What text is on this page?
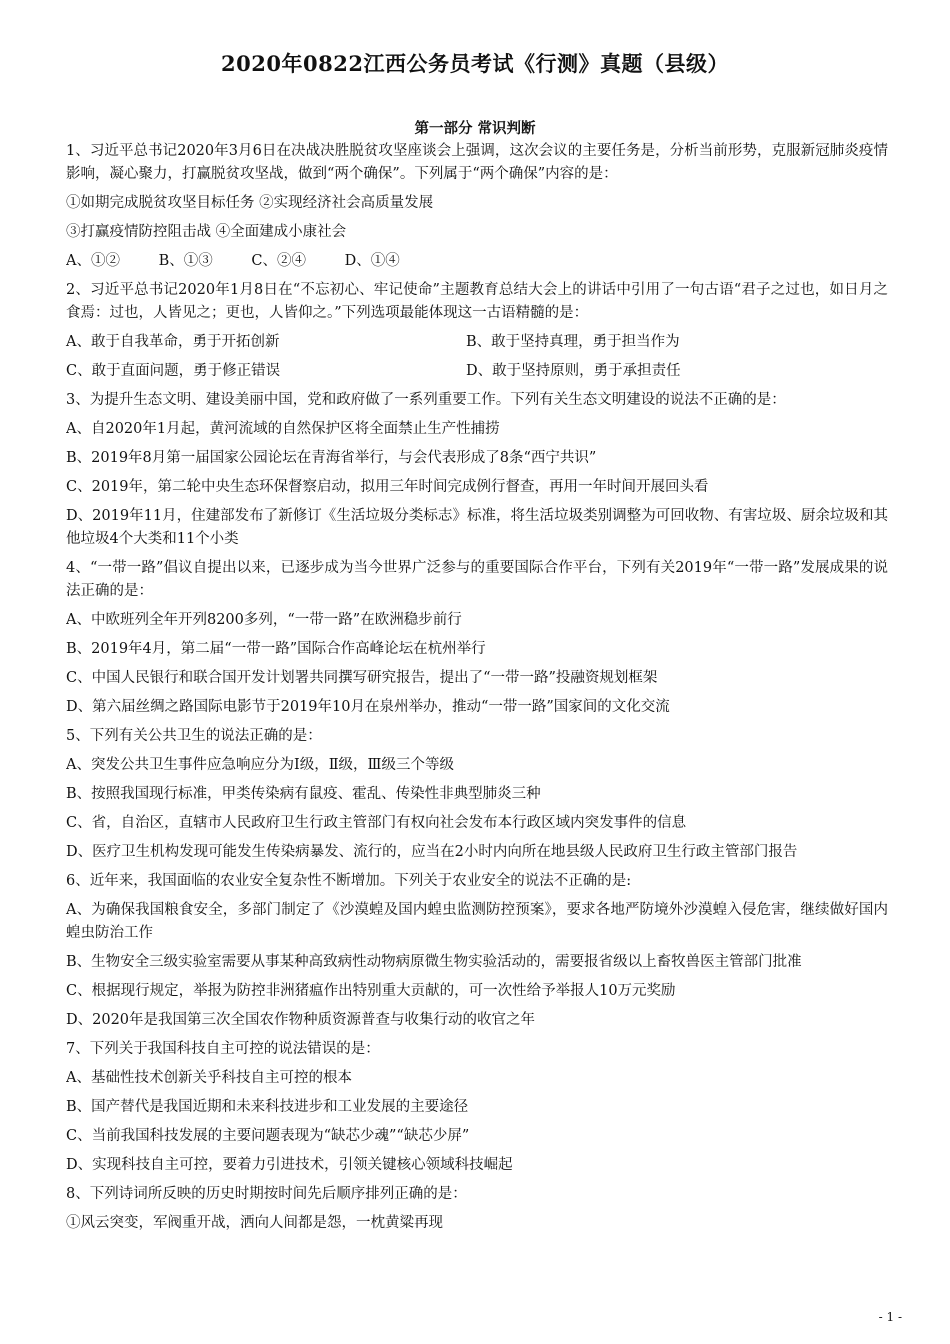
2020年0822江西公务员考试《行测》真题（县级）
第一部分 常识判断
1、习近平总书记2020年3月6日在决战决胜脱贫攻坚座谈会上强调，这次会议的主要任务是，分析当前形势，克服新冠肺炎疫情影响，凝心聚力，打赢脱贫攻坚战，做到“两个确保”。下列属于“两个确保”内容的是：
①如期完成脱贫攻坚目标任务 ②实现经济社会高质量发展
③打赢疫情防控阻击战 ④全面建成小康社会
A、①②	B、①③	C、②④	D、①④
2、习近平总书记2020年1月8日在“不忘初心、牢记使命”主题教育总结大会上的讲话中引用了一句古语“君子之过也，如日月之食焉：过也，人皆见之；更也，人皆仰之。”下列选项最能体现这一古语精髓的是：
A、敢于自我革命，勇于开拓创新	B、敢于坚持真理，勇于担当作为
C、敢于直面问题，勇于修正错误	D、敢于坚持原则，勇于承担责任
3、为提升生态文明、建设美丽中国，党和政府做了一系列重要工作。下列有关生态文明建设的说法不正确的是：
A、自2020年1月起，黄河流域的自然保护区将全面禁止生产性捕捞
B、2019年8月第一届国家公园论坛在青海省举行，与会代表形成了8条“西宁共识”
C、2019年，第二轮中央生态环保督察启动，拟用三年时间完成例行督查，再用一年时间开展回头看
D、2019年11月，住建部发布了新修订《生活垃圾分类标志》标准，将生活垃圾类别调整为可回收物、有害垃圾、厨余垃圾和其他垃圾4个大类和11个小类
4、“一带一路”倡议自提出以来，已逐步成为当今世界广泛参与的重要国际合作平台，下列有关2019年“一带一路”发展成果的说法正确的是：
A、中欧班列全年开列8200多列，“一带一路”在欧洲稳步前行
B、2019年4月，第二届“一带一路”国际合作高峰论坛在杭州举行
C、中国人民银行和联合国开发计划署共同撰写研究报告，提出了“一带一路”投融资规划框架
D、第六届丝绸之路国际电影节于2019年10月在泉州举办，推动“一带一路”国家间的文化交流
5、下列有关公共卫生的说法正确的是：
A、突发公共卫生事件应急响应分为Ⅰ级，Ⅱ级，Ⅲ级三个等级
B、按照我国现行标准，甲类传染病有鼠疫、霍乱、传染性非典型肺炎三种
C、省，自治区，直辖市人民政府卫生行政主管部门有权向社会发布本行政区域内突发事件的信息
D、医疗卫生机构发现可能发生传染病暴发、流行的，应当在2小时内向所在地县级人民政府卫生行政主管部门报告
6、近年来，我国面临的农业安全复杂性不断增加。下列关于农业安全的说法不正确的是:
A、为确保我国粮食安全，多部门制定了《沙漠蝗及国内蝗虫监测防控预案》，要求各地严防境外沙漠蝗入侵危害，继续做好国内蝗虫防治工作
B、生物安全三级实验室需要从事某种高致病性动物病原微生物实验活动的，需要报省级以上畜牧兽医主管部门批准
C、根据现行规定，举报为防控非洲猪瘟作出特别重大贡献的，可一次性给予举报人10万元奖励
D、2020年是我国第三次全国农作物种质资源普查与收集行动的收官之年
7、下列关于我国科技自主可控的说法错误的是：
A、基础性技术创新关乎科技自主可控的根本
B、国产替代是我国近期和未来科技进步和工业发展的主要途径
C、当前我国科技发展的主要问题表现为“缺芯少魂”“缺芯少屏”
D、实现科技自主可控，要着力引进技术，引领关键核心领域科技崛起
8、下列诗词所反映的历史时期按时间先后顺序排列正确的是：
①风云突变，军阀重开战，洒向人间都是怨，一枕黄粱再现
- 1 -
